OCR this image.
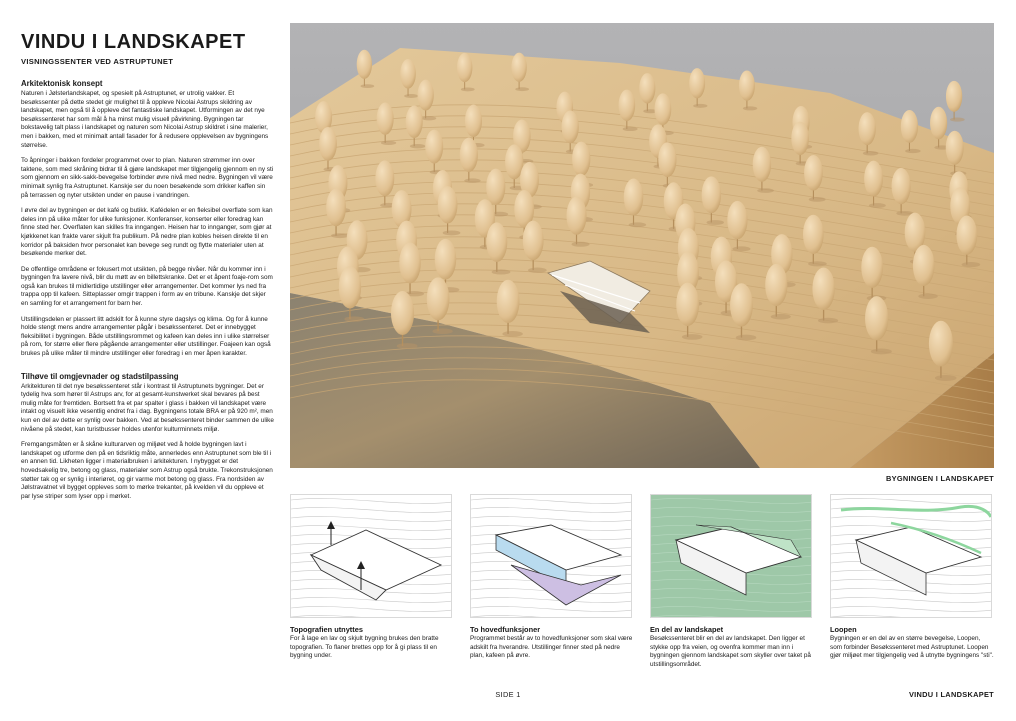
VINDU I LANDSKAPET
VISNINGSSENTER VED ASTRUPTUNET
Arkitektonisk konsept

Naturen i Jølsterlandskapet, og spesielt på Astruptunet, er utrolig vakker. Et besøkssenter på dette stedet gir mulighet til å oppleve Nicolai Astrups skildring av landskapet, men også til å oppleve det fantastiske landskapet. Utformingen av det nye besøkssenteret har som mål å ha minst mulig visuell påvirkning. Bygningen tar bokstavelig talt plass i landskapet og naturen som Nicolai Astrup skildret i sine malerier, men i bakken, med et minimalt antall fasader for å redusere opplevelsen av bygningens størrelse.

To åpninger i bakken fordeler programmet over to plan. Naturen strømmer inn over taktene, som med skråning bidrar til å gjøre landskapet mer tilgjengelig gjennom en ny sti som gjennom en sikk-sakk-bevegelse forbinder øvre nivå med nedre. Bygningen vil være minimalt synlig fra Astruptunet. Kanskje ser du noen besøkende som drikker kaffen sin på terrassen og nyter utsikten under en pause i vandringen.

I øvre del av bygningen er det kafé og butikk. Kafédelen er en fleksibel overflate som kan deles inn på ulike måter for ulike funksjoner. Konferanser, konserter eller foredrag kan finne sted her. Overflaten kan skilles fra inngangen. Heisen har to innganger, som gjør at kjøkkenet kan frakte varer skjult fra publikum. På nedre plan kobles heisen direkte til en korridor på baksiden hvor personalet kan bevege seg rundt og flytte materialer uten at besøkende merker det.

De offentlige områdene er fokusert mot utsikten, på begge nivåer. Når du kommer inn i bygningen fra lavere nivå, blir du møtt av en billettskranke. Det er et åpent foaje-rom som også kan brukes til midlertidige utstillinger eller arrangementer. Det kommer lys ned fra trappa opp til kafeen. Sitteplasser omgir trappen i form av en tribune. Kanskje det skjer en samling for et arrangement for barn her.

Utstillingsdelen er plassert litt adskilt for å kunne styre dagslys og klima. Og for å kunne holde stengt mens andre arrangementer pågår i besøkssenteret. Det er innebygget fleksibilitet i bygningen. Både utstillingsrommet og kafeen kan deles inn i ulike størrelser på rom, for større eller flere pågående arrangementer eller utstillinger. Foajeen kan også brukes på ulike måter til mindre utstillinger eller foredrag i en mer åpen karakter.

Tilhøve til omgjevnader og stadstilpassing

Arkitekturen til det nye besøkssenteret står i kontrast til Astruptunets bygninger. Det er tydelig hva som hører til Astrups arv, for at gesamt-kunstwerket skal bevares på best mulig måte for fremtiden. Bortsett fra et par spalter i glass i bakken vil landskapet være intakt og visuelt ikke vesentlig endret fra i dag. Bygningens totale BRA er på 920 m², men kun en del av dette er synlig over bakken. Ved at besøkssenteret binder sammen de ulike nivåene på stedet, kan turistbusser holdes utenfor kulturminnets miljø.

Fremgangsmåten er å skåne kulturarven og miljøet ved å holde bygningen lavt i landskapet og utforme den på en tidsriktig måte, annerledes enn Astruptunet som ble til i en annen tid. Likheten ligger i materialbruken i arkitekturen. I nybygget er det hovedsakelig tre, betong og glass, materialer som Astrup også brukte. Trekonstruksjonen støtter tak og er synlig i interiøret, og gir varme mot betong og glass. Fra nordsiden av Jølstravatnet vil bygget oppleves som to mørke trekanter, på kvelden vil du oppleve et par lyse striper som lyser opp i mørket.

BYGNINGEN I LANDSKAPET
Topografien utnyttes
For å lage en lav og skjult bygning brukes den bratte topografien. To flaner brettes opp for å gi plass til en bygning under.
To hovedfunksjoner
Programmet består av to hovedfunksjoner som skal være adskilt fra hverandre. Utstillinger finner sted på nedre plan, kafeen på øvre.
En del av landskapet
Besøkssenteret blir en del av landskapet. Den ligger et stykke opp fra veien, og ovenfra kommer man inn i bygningen gjennom landskapet som skyller over taket på utstillingsområdet.
Loopen
Bygningen er en del av en større bevegelse, Loopen, som forbinder Besøkssenteret med Astruptunet. Loopen gjør miljøet mer tilgjengelig ved å utnytte bygningens "sti".
SIDE 1	VINDU I LANDSKAPET
